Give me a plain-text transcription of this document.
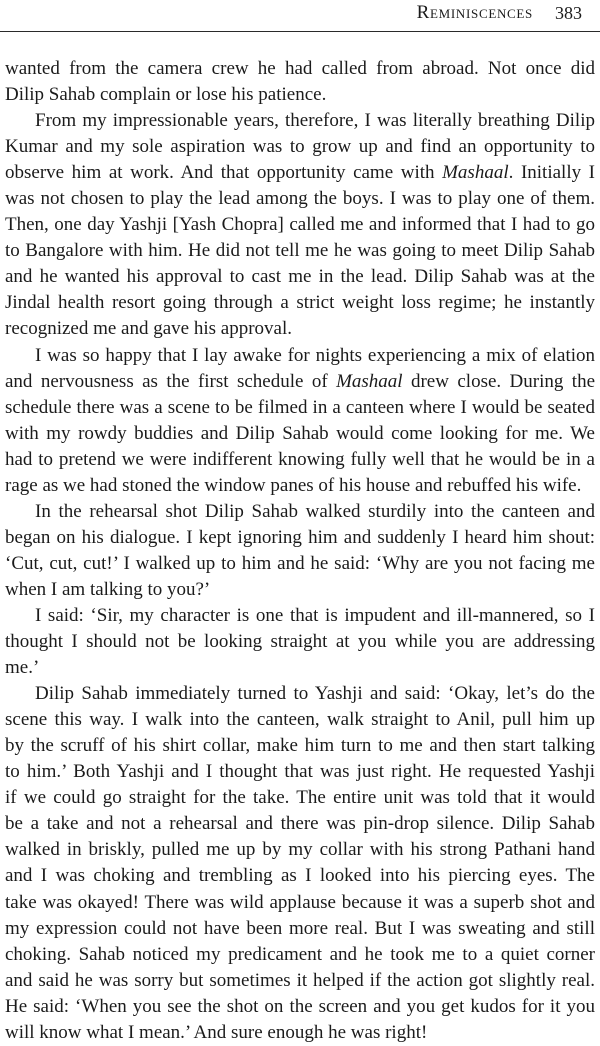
Reminiscences 383
wanted from the camera crew he had called from abroad. Not once did
Dilip Sahab complain or lose his patience.
From my impressionable years, therefore, I was literally breathing Dilip
Kumar and my sole aspiration was to grow up and find an opportunity to
observe him at work. And that opportunity came with Mashaal. Initially I
was not chosen to play the lead among the boys. I was to play one of them.
Then, one day Yashji [Yash Chopra] called me and informed that I had to go
to Bangalore with him. He did not tell me he was going to meet Dilip Sahab
and he wanted his approval to cast me in the lead. Dilip Sahab was at the
Jindal health resort going through a strict weight loss regime; he instantly
recognized me and gave his approval.
I was so happy that I lay awake for nights experiencing a mix of elation
and nervousness as the first schedule of Mashaal drew close. During the
schedule there was a scene to be filmed in a canteen where I would be seated
with my rowdy buddies and Dilip Sahab would come looking for me. We
had to pretend we were indifferent knowing fully well that he would be in a
rage as we had stoned the window panes of his house and rebuffed his wife.
In the rehearsal shot Dilip Sahab walked sturdily into the canteen and
began on his dialogue. I kept ignoring him and suddenly I heard him shout:
‘Cut, cut, cut!’ I walked up to him and he said: ‘Why are you not facing me
when I am talking to you?’
I said: ‘Sir, my character is one that is impudent and ill-mannered, so I
thought I should not be looking straight at you while you are addressing
me.’
Dilip Sahab immediately turned to Yashji and said: ‘Okay, let’s do the
scene this way. I walk into the canteen, walk straight to Anil, pull him up
by the scruff of his shirt collar, make him turn to me and then start talking
to him.’ Both Yashji and I thought that was just right. He requested Yashji
if we could go straight for the take. The entire unit was told that it would
be a take and not a rehearsal and there was pin-drop silence. Dilip Sahab
walked in briskly, pulled me up by my collar with his strong Pathani hand
and I was choking and trembling as I looked into his piercing eyes. The
take was okayed! There was wild applause because it was a superb shot and
my expression could not have been more real. But I was sweating and still
choking. Sahab noticed my predicament and he took me to a quiet corner
and said he was sorry but sometimes it helped if the action got slightly real.
He said: ‘When you see the shot on the screen and you get kudos for it you
will know what I mean.’ And sure enough he was right!
